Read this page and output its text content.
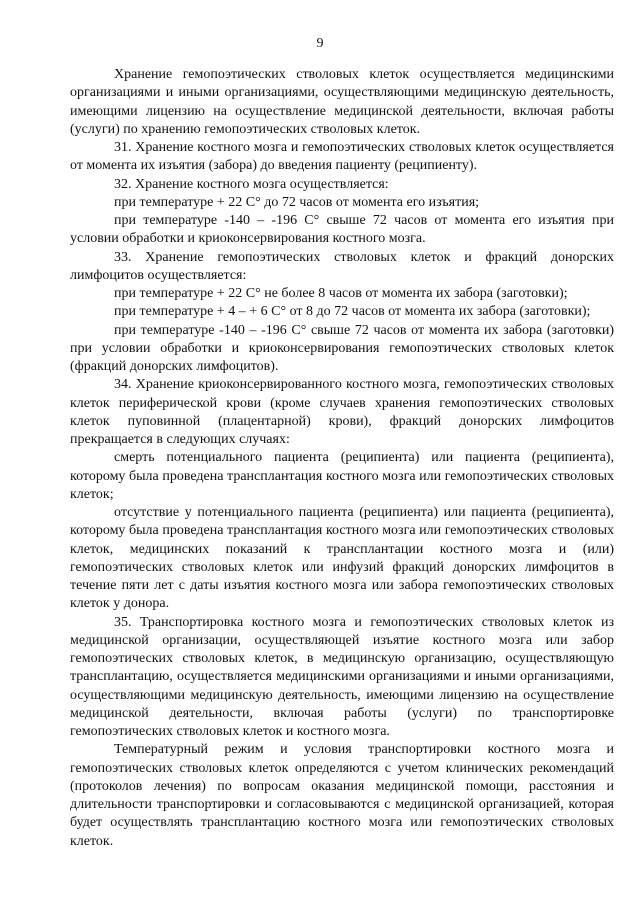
9

Хранение гемопоэтических стволовых клеток осуществляется медицинскими организациями и иными организациями, осуществляющими медицинскую деятельность, имеющими лицензию на осуществление медицинской деятельности, включая работы (услуги) по хранению гемопоэтических стволовых клеток.

31. Хранение костного мозга и гемопоэтических стволовых клеток осуществляется от момента их изъятия (забора) до введения пациенту (реципиенту).

32. Хранение костного мозга осуществляется:

при температуре + 22 С° до 72 часов от момента его изъятия;

при температуре -140 – -196 С° свыше 72 часов от момента его изъятия при условии обработки и криоконсервирования костного мозга.

33. Хранение гемопоэтических стволовых клеток и фракций донорских лимфоцитов осуществляется:

при температуре + 22 С° не более 8 часов от момента их забора (заготовки);

при температуре + 4 – + 6 С° от 8 до 72 часов от момента их забора (заготовки);

при температуре -140 – -196 С° свыше 72 часов от момента их забора (заготовки) при условии обработки и криоконсервирования гемопоэтических стволовых клеток (фракций донорских лимфоцитов).

34. Хранение криоконсервированного костного мозга, гемопоэтических стволовых клеток периферической крови (кроме случаев хранения гемопоэтических стволовых клеток пуповинной (плацентарной) крови), фракций донорских лимфоцитов прекращается в следующих случаях:

смерть потенциального пациента (реципиента) или пациента (реципиента), которому была проведена трансплантация костного мозга или гемопоэтических стволовых клеток;

отсутствие у потенциального пациента (реципиента) или пациента (реципиента), которому была проведена трансплантация костного мозга или гемопоэтических стволовых клеток, медицинских показаний к трансплантации костного мозга и (или) гемопоэтических стволовых клеток или инфузий фракций донорских лимфоцитов в течение пяти лет с даты изъятия костного мозга или забора гемопоэтических стволовых клеток у донора.

35. Транспортировка костного мозга и гемопоэтических стволовых клеток из медицинской организации, осуществляющей изъятие костного мозга или забор гемопоэтических стволовых клеток, в медицинскую организацию, осуществляющую трансплантацию, осуществляется медицинскими организациями и иными организациями, осуществляющими медицинскую деятельность, имеющими лицензию на осуществление медицинской деятельности, включая работы (услуги) по транспортировке гемопоэтических стволовых клеток и костного мозга.

Температурный режим и условия транспортировки костного мозга и гемопоэтических стволовых клеток определяются с учетом клинических рекомендаций (протоколов лечения) по вопросам оказания медицинской помощи, расстояния и длительности транспортировки и согласовываются с медицинской организацией, которая будет осуществлять трансплантацию костного мозга или гемопоэтических стволовых клеток.
